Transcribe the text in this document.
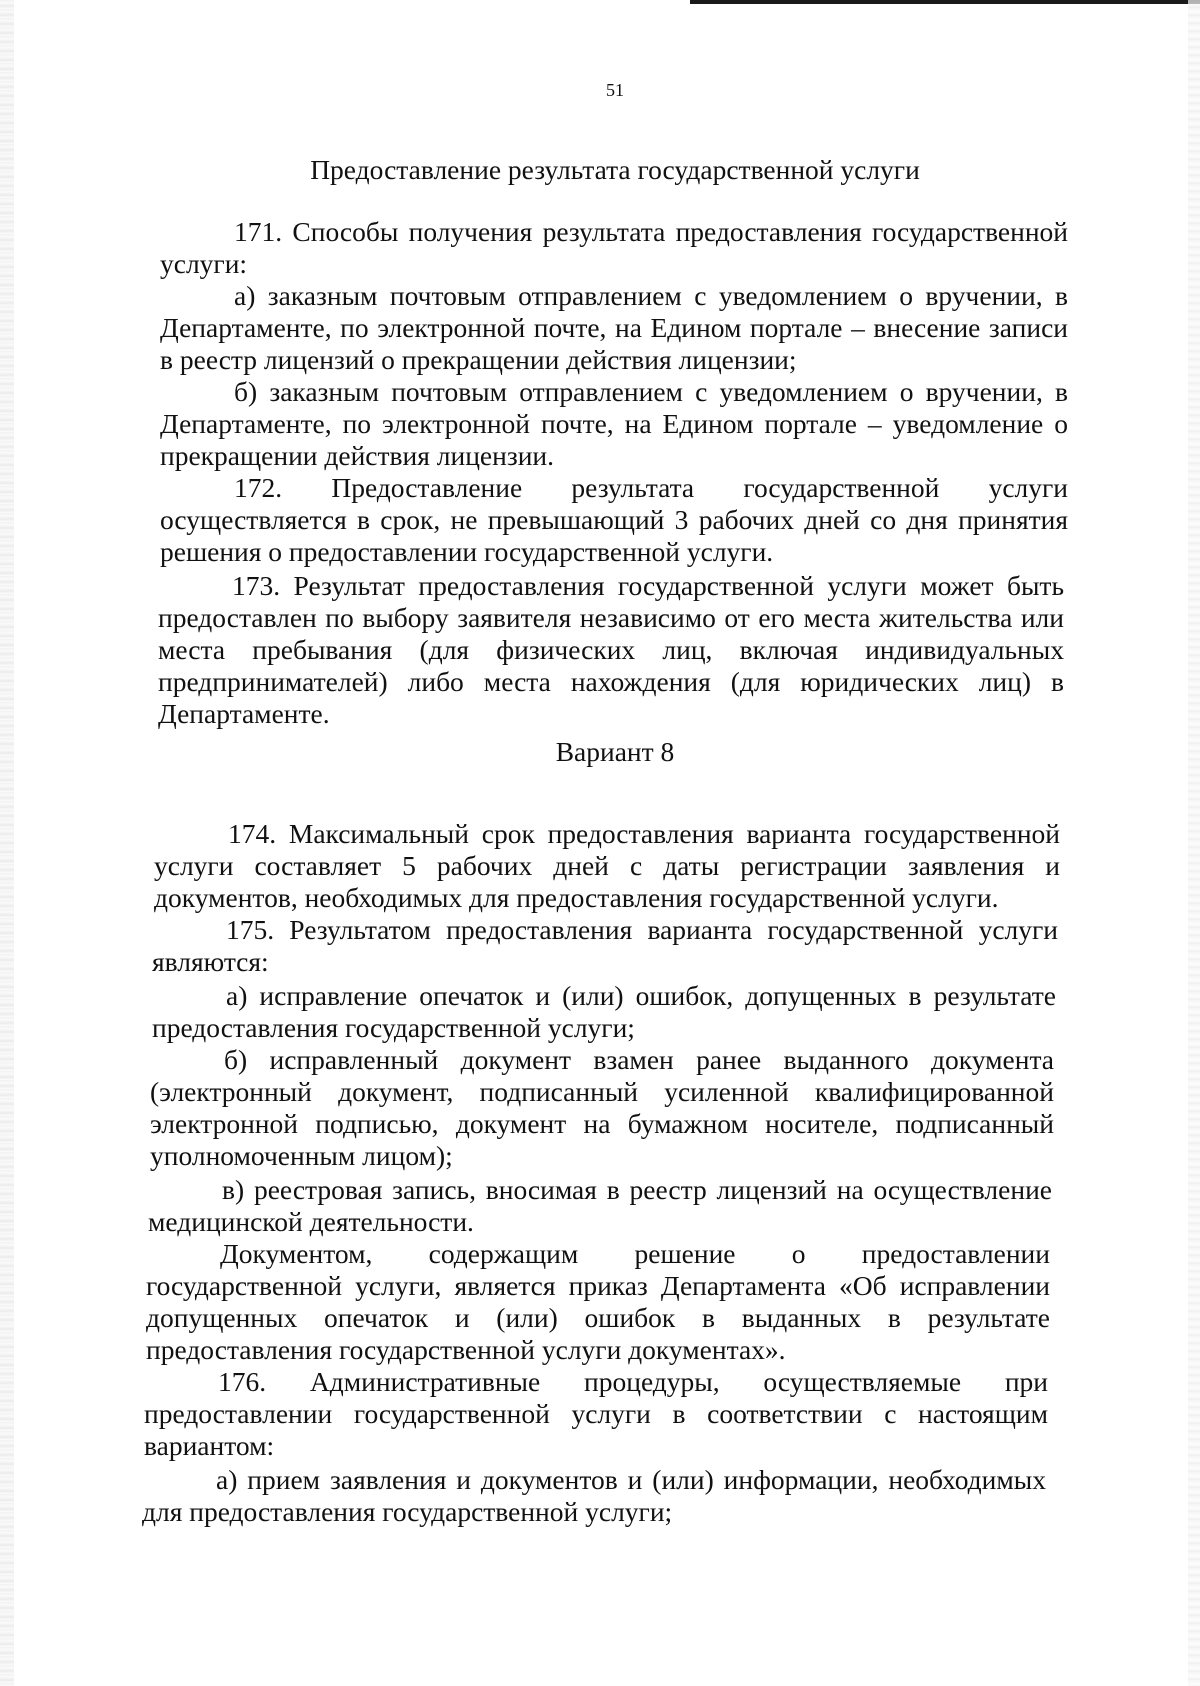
51
Предоставление результата государственной услуги
171. Способы получения результата предоставления государственной услуги:
а) заказным почтовым отправлением с уведомлением о вручении, в Департаменте, по электронной почте, на Едином портале – внесение записи в реестр лицензий о прекращении действия лицензии;
б) заказным почтовым отправлением с уведомлением о вручении, в Департаменте, по электронной почте, на Едином портале – уведомление о прекращении действия лицензии.
172. Предоставление результата государственной услуги осуществляется в срок, не превышающий 3 рабочих дней со дня принятия решения о предоставлении государственной услуги.
173. Результат предоставления государственной услуги может быть предоставлен по выбору заявителя независимо от его места жительства или места пребывания (для физических лиц, включая индивидуальных предпринимателей) либо места нахождения (для юридических лиц) в Департаменте.
Вариант 8
174. Максимальный срок предоставления варианта государственной услуги составляет 5 рабочих дней с даты регистрации заявления и документов, необходимых для предоставления государственной услуги.
175. Результатом предоставления варианта государственной услуги являются:
а) исправление опечаток и (или) ошибок, допущенных в результате предоставления государственной услуги;
б) исправленный документ взамен ранее выданного документа (электронный документ, подписанный усиленной квалифицированной электронной подписью, документ на бумажном носителе, подписанный уполномоченным лицом);
в) реестровая запись, вносимая в реестр лицензий на осуществление медицинской деятельности.
Документом, содержащим решение о предоставлении государственной услуги, является приказ Департамента «Об исправлении допущенных опечаток и (или) ошибок в выданных в результате предоставления государственной услуги документах».
176. Административные процедуры, осуществляемые при предоставлении государственной услуги в соответствии с настоящим вариантом:
а) прием заявления и документов и (или) информации, необходимых для предоставления государственной услуги;
